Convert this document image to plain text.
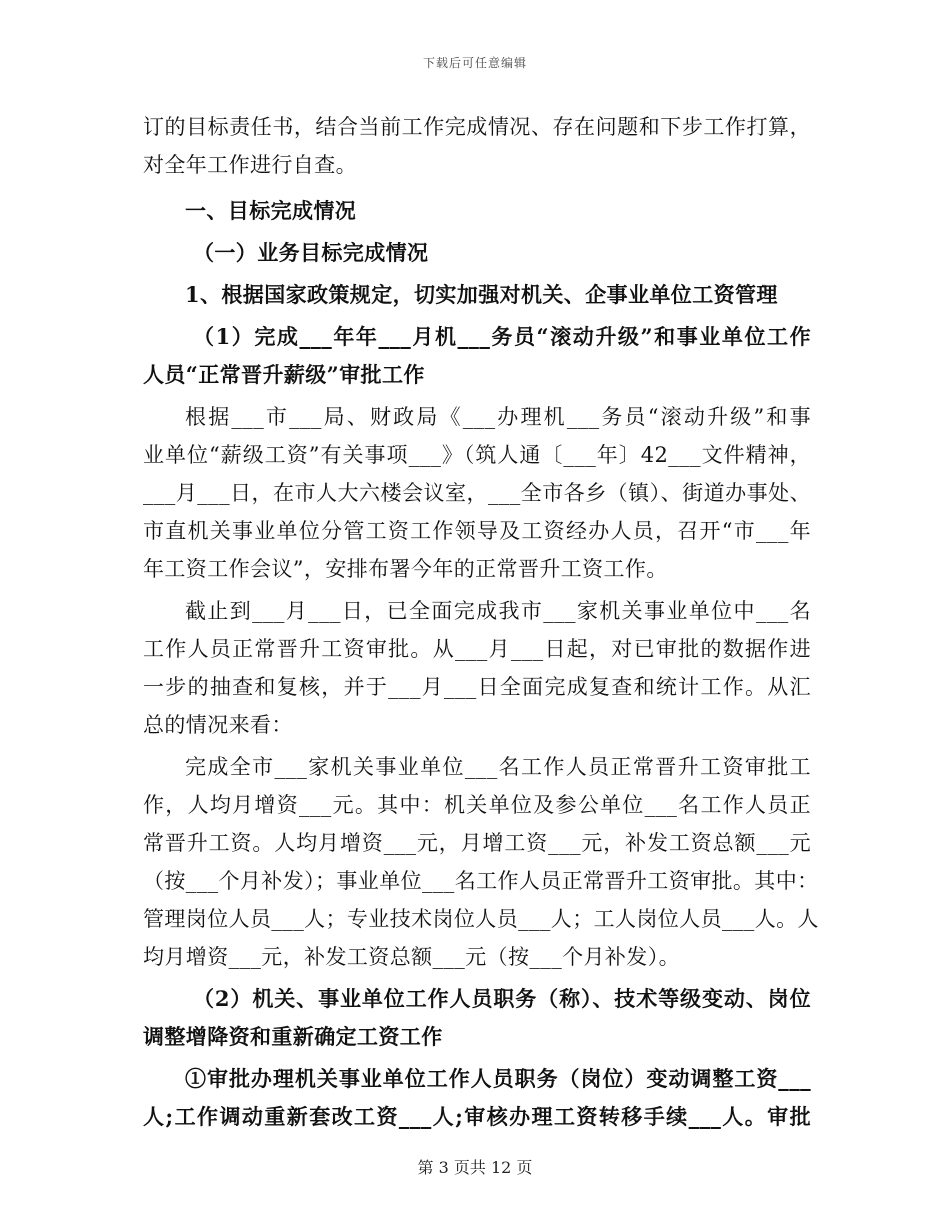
下载后可任意编辑
订的目标责任书，结合当前工作完成情况、存在问题和下步工作打算，
对全年工作进行自查。
一、目标完成情况
（一）业务目标完成情况
1、根据国家政策规定，切实加强对机关、企事业单位工资管理
（1）完成___年年___月机___务员“滚动升级”和事业单位工作
人员“正常晋升薪级”审批工作
根据___市___局、财政局《___办理机___务员“滚动升级”和事
业单位“薪级工资”有关事项___》（筑人通〔___年〕42___文件精神，
___月___日，在市人大六楼会议室，___全市各乡（镇）、街道办事处、
市直机关事业单位分管工资工作领导及工资经办人员，召开“市___年
年工资工作会议”，安排布署今年的正常晋升工资工作。
截止到___月___日，已全面完成我市___家机关事业单位中___名
工作人员正常晋升工资审批。从___月___日起，对已审批的数据作进
一步的抽查和复核，并于___月___日全面完成复查和统计工作。从汇
总的情况来看：
完成全市___家机关事业单位___名工作人员正常晋升工资审批工
作，人均月增资___元。其中：机关单位及参公单位___名工作人员正
常晋升工资。人均月增资___元，月增工资___元，补发工资总额___元
（按___个月补发）；事业单位___名工作人员正常晋升工资审批。其中：
管理岗位人员___人；专业技术岗位人员___人；工人岗位人员___人。人
均月增资___元，补发工资总额___元（按___个月补发）。
（2）机关、事业单位工作人员职务（称）、技术等级变动、岗位
调整增降资和重新确定工资工作
①审批办理机关事业单位工作人员职务（岗位）变动调整工资___
人;工作调动重新套改工资___人;审核办理工资转移手续___人。审批
第 3 页共 12 页
